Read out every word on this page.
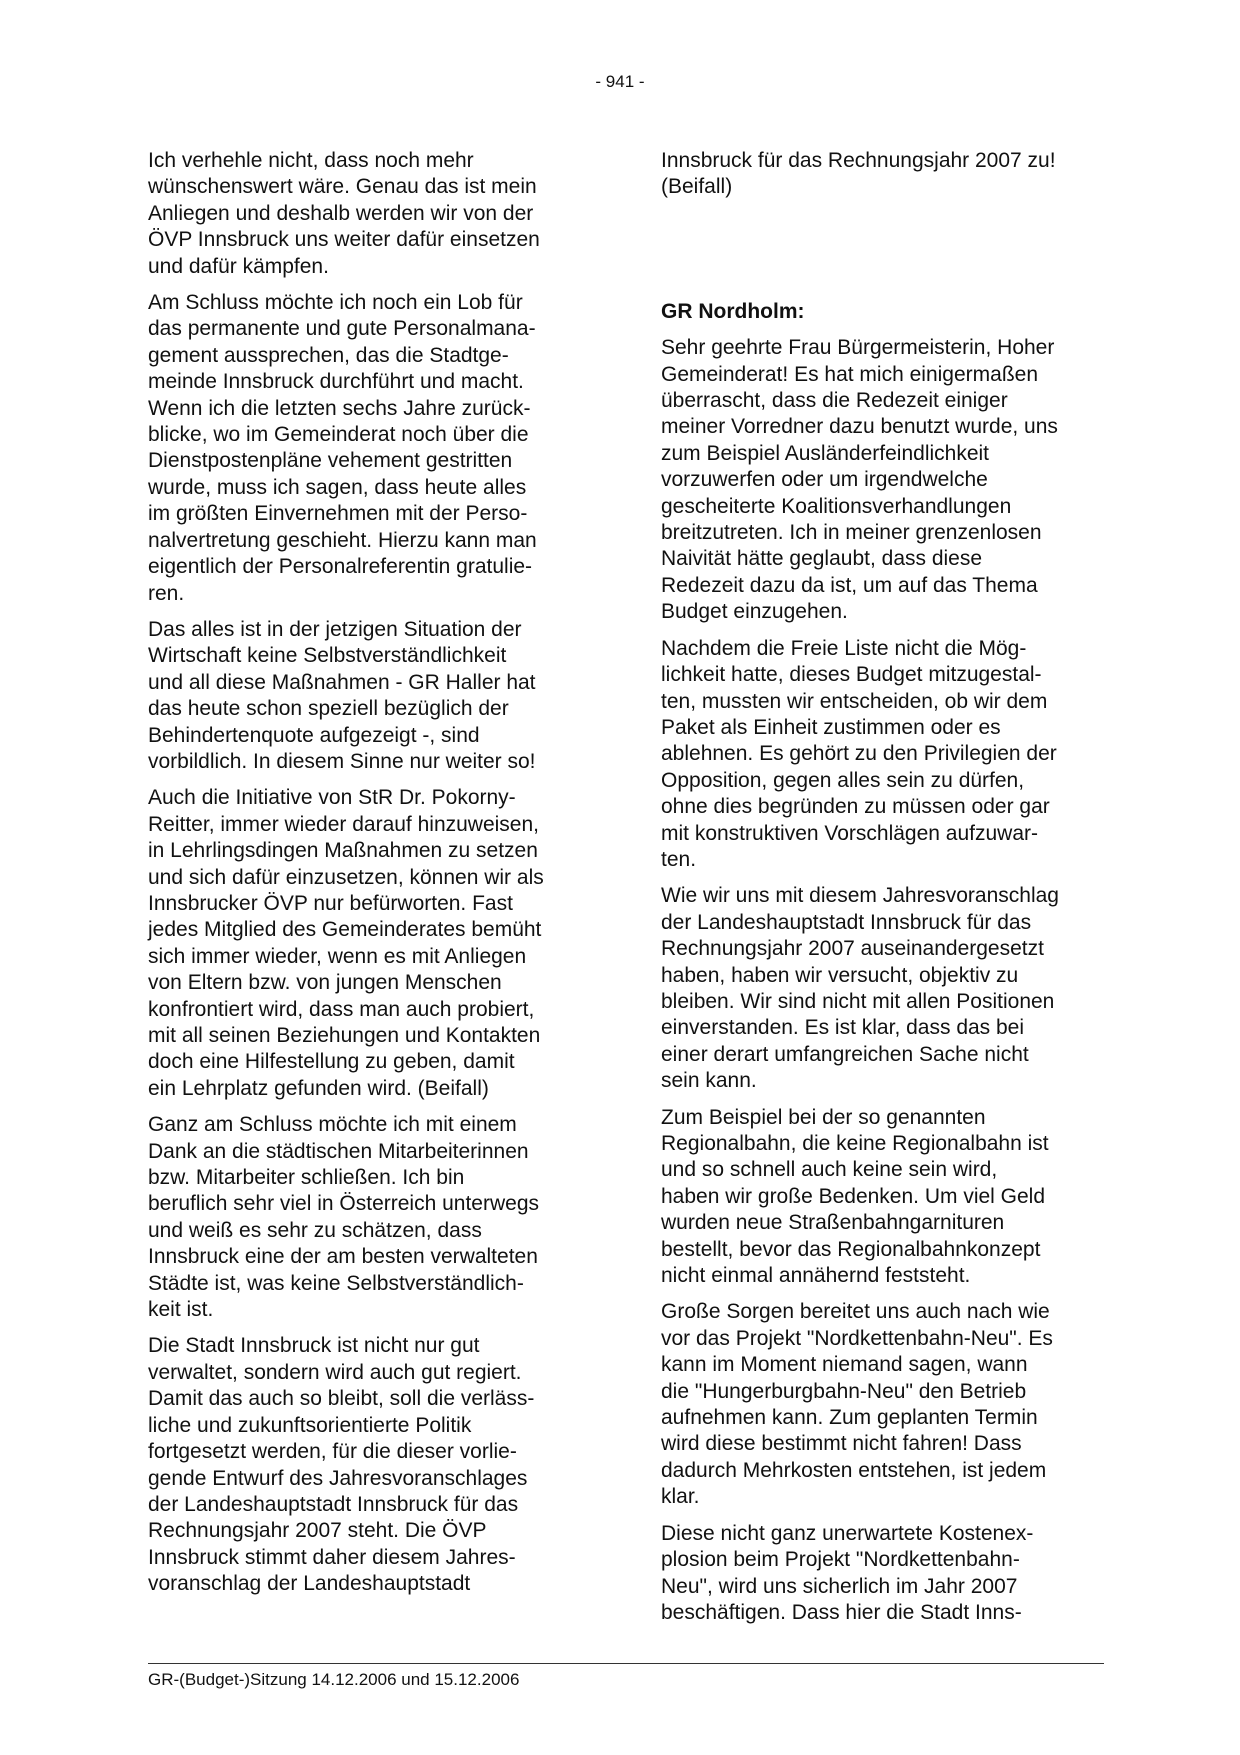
- 941 -

Ich verhehle nicht, dass noch mehr
wünschenswert wäre. Genau das ist mein
Anliegen und deshalb werden wir von der
ÖVP Innsbruck uns weiter dafür einsetzen
und dafür kämpfen.

Am Schluss möchte ich noch ein Lob für
das permanente und gute Personalmana-
gement aussprechen, das die Stadtge-
meinde Innsbruck durchführt und macht.
Wenn ich die letzten sechs Jahre zurück-
blicke, wo im Gemeinderat noch über die
Dienstpostenpläne vehement gestritten
wurde, muss ich sagen, dass heute alles
im größten Einvernehmen mit der Perso-
nalvertretung geschieht. Hierzu kann man
eigentlich der Personalreferentin gratulie-
ren.

Das alles ist in der jetzigen Situation der
Wirtschaft keine Selbstverständlichkeit
und all diese Maßnahmen - GR Haller hat
das heute schon speziell bezüglich der
Behindertenquote aufgezeigt -, sind
vorbildlich. In diesem Sinne nur weiter so!

Auch die Initiative von StR Dr. Pokorny-
Reitter, immer wieder darauf hinzuweisen,
in Lehrlingsdingen Maßnahmen zu setzen
und sich dafür einzusetzen, können wir als
Innsbrucker ÖVP nur befürworten. Fast
jedes Mitglied des Gemeinderates bemüht
sich immer wieder, wenn es mit Anliegen
von Eltern bzw. von jungen Menschen
konfrontiert wird, dass man auch probiert,
mit all seinen Beziehungen und Kontakten
doch eine Hilfestellung zu geben, damit
ein Lehrplatz gefunden wird. (Beifall)

Ganz am Schluss möchte ich mit einem
Dank an die städtischen Mitarbeiterinnen
bzw. Mitarbeiter schließen. Ich bin
beruflich sehr viel in Österreich unterwegs
und weiß es sehr zu schätzen, dass
Innsbruck eine der am besten verwalteten
Städte ist, was keine Selbstverständlich-
keit ist.

Die Stadt Innsbruck ist nicht nur gut
verwaltet, sondern wird auch gut regiert.
Damit das auch so bleibt, soll die verläss-
liche und zukunftsorientierte Politik
fortgesetzt werden, für die dieser vorlie-
gende Entwurf des Jahresvoranschlages
der Landeshauptstadt Innsbruck für das
Rechnungsjahr 2007 steht. Die ÖVP
Innsbruck stimmt daher diesem Jahres-
voranschlag der Landeshauptstadt

Innsbruck für das Rechnungsjahr 2007 zu!
(Beifall)

GR Nordholm:

Sehr geehrte Frau Bürgermeisterin, Hoher
Gemeinderat! Es hat mich einigermaßen
überrascht, dass die Redezeit einiger
meiner Vorredner dazu benutzt wurde, uns
zum Beispiel Ausländerfeindlichkeit
vorzuwerfen oder um irgendwelche
gescheiterte Koalitionsverhandlungen
breitzutreten. Ich in meiner grenzenlosen
Naivität hätte geglaubt, dass diese
Redezeit dazu da ist, um auf das Thema
Budget einzugehen.

Nachdem die Freie Liste nicht die Mög-
lichkeit hatte, dieses Budget mitzugestal-
ten, mussten wir entscheiden, ob wir dem
Paket als Einheit zustimmen oder es
ablehnen. Es gehört zu den Privilegien der
Opposition, gegen alles sein zu dürfen,
ohne dies begründen zu müssen oder gar
mit konstruktiven Vorschlägen aufzuwar-
ten.

Wie wir uns mit diesem Jahresvoranschlag
der Landeshauptstadt Innsbruck für das
Rechnungsjahr 2007 auseinandergesetzt
haben, haben wir versucht, objektiv zu
bleiben. Wir sind nicht mit allen Positionen
einverstanden. Es ist klar, dass das bei
einer derart umfangreichen Sache nicht
sein kann.

Zum Beispiel bei der so genannten
Regionalbahn, die keine Regionalbahn ist
und so schnell auch keine sein wird,
haben wir große Bedenken. Um viel Geld
wurden neue Straßenbahngarnituren
bestellt, bevor das Regionalbahnkonzept
nicht einmal annähernd feststeht.

Große Sorgen bereitet uns auch nach wie
vor das Projekt "Nordkettenbahn-Neu". Es
kann im Moment niemand sagen, wann
die "Hungerburgbahn-Neu" den Betrieb
aufnehmen kann. Zum geplanten Termin
wird diese bestimmt nicht fahren! Dass
dadurch Mehrkosten entstehen, ist jedem
klar.

Diese nicht ganz unerwartete Kostenex-
plosion beim Projekt "Nordkettenbahn-
Neu", wird uns sicherlich im Jahr 2007
beschäftigen. Dass hier die Stadt Inns-

GR-(Budget-)Sitzung 14.12.2006 und 15.12.2006
